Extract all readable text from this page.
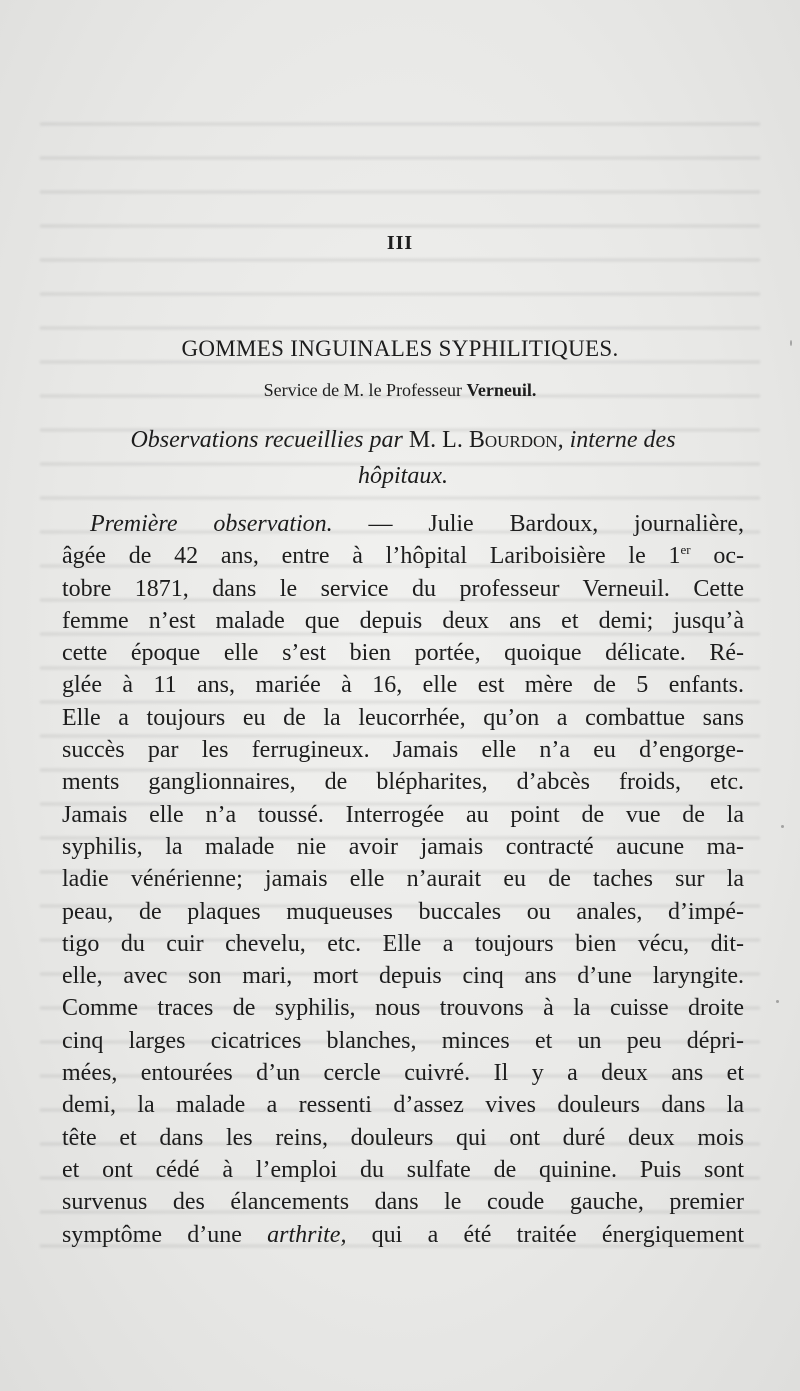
III
GOMMES INGUINALES SYPHILITIQUES.
Service de M. le Professeur Verneuil.
Observations recueillies par M. L. Bourdon, interne des
hôpitaux.
Première observation. — Julie Bardoux, journalière,
âgée de 42 ans, entre à l’hôpital Lariboisière le 1er oc-
tobre 1871, dans le service du professeur Verneuil. Cette
femme n’est malade que depuis deux ans et demi; jusqu’à
cette époque elle s’est bien portée, quoique délicate. Ré-
glée à 11 ans, mariée à 16, elle est mère de 5 enfants.
Elle a toujours eu de la leucorrhée, qu’on a combattue sans
succès par les ferrugineux. Jamais elle n’a eu d’engorge-
ments ganglionnaires, de blépharites, d’abcès froids, etc.
Jamais elle n’a toussé. Interrogée au point de vue de la
syphilis, la malade nie avoir jamais contracté aucune ma-
ladie vénérienne; jamais elle n’aurait eu de taches sur la
peau, de plaques muqueuses buccales ou anales, d’impé-
tigo du cuir chevelu, etc. Elle a toujours bien vécu, dit-
elle, avec son mari, mort depuis cinq ans d’une laryngite.
Comme traces de syphilis, nous trouvons à la cuisse droite
cinq larges cicatrices blanches, minces et un peu dépri-
mées, entourées d’un cercle cuivré. Il y a deux ans et
demi, la malade a ressenti d’assez vives douleurs dans la
tête et dans les reins, douleurs qui ont duré deux mois
et ont cédé à l’emploi du sulfate de quinine. Puis sont
survenus des élancements dans le coude gauche, premier
symptôme d’une arthrite, qui a été traitée énergiquement
